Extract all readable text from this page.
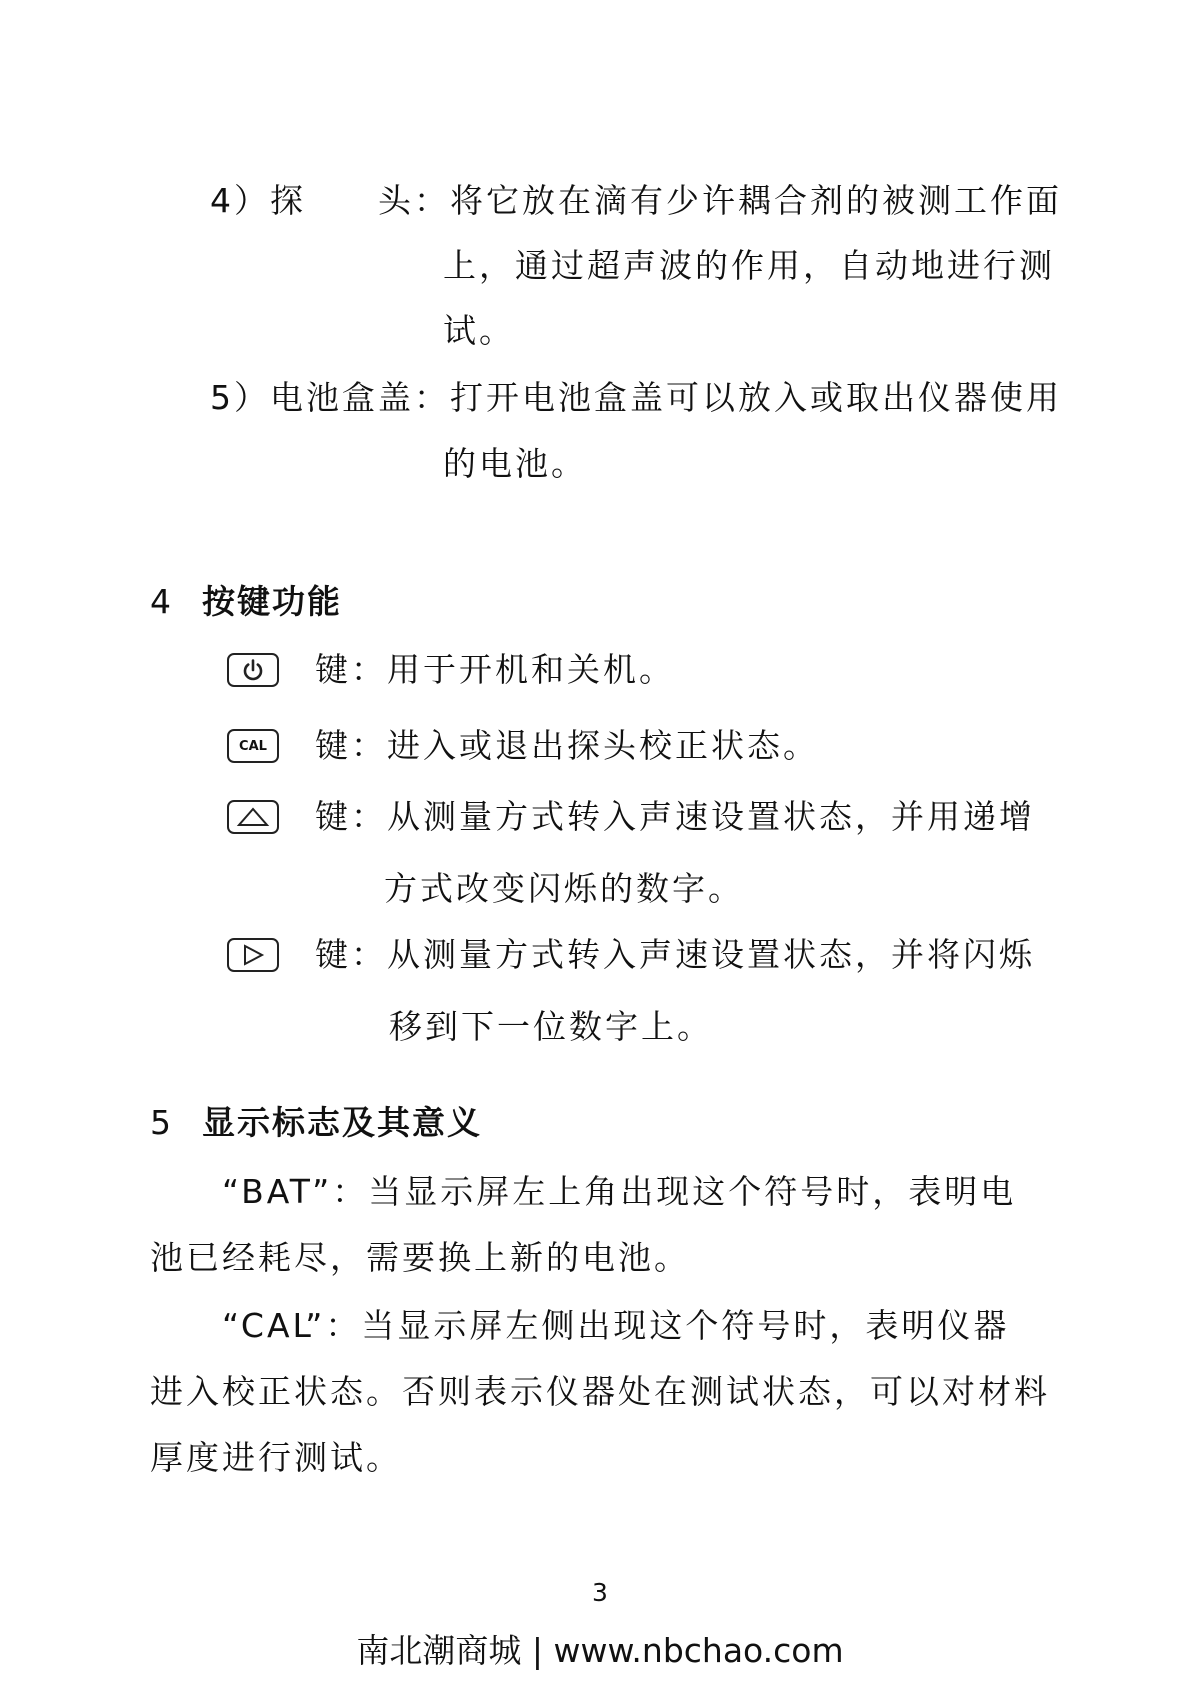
4）探　　头：将它放在滴有少许耦合剂的被测工作面
上，通过超声波的作用，自动地进行测
试。
5）电池盒盖：打开电池盒盖可以放入或取出仪器使用
的电池。
4 按键功能
键：用于开机和关机。
CAL 键：进入或退出探头校正状态。
键：从测量方式转入声速设置状态，并用递增
方式改变闪烁的数字。
键：从测量方式转入声速设置状态，并将闪烁
移到下一位数字上。
5 显示标志及其意义
“BAT”：当显示屏左上角出现这个符号时，表明电
池已经耗尽，需要换上新的电池。
“CAL”：当显示屏左侧出现这个符号时，表明仪器
进入校正状态。否则表示仪器处在测试状态，可以对材料
厚度进行测试。
3
南北潮商城 | www.nbchao.com
